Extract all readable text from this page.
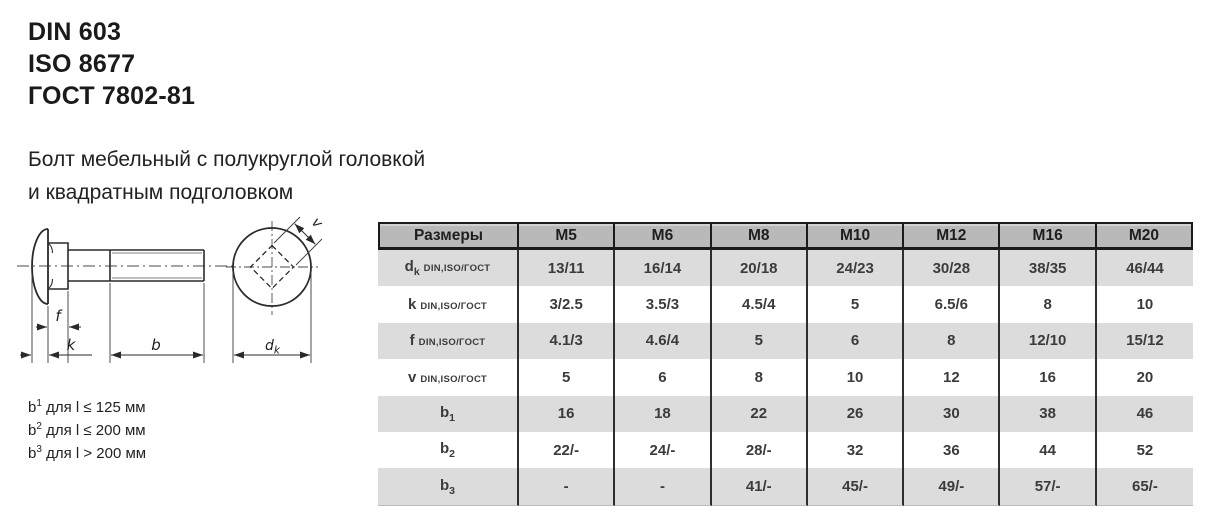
DIN 603
ISO 8677
ГОСТ 7802-81
Болт мебельный с полукруглой головкой
и квадратным подголовком
f
k	b
v
$d_k$
$b^1$ для l ≤ 125 мм
$b^2$ для l ≤ 200 мм
$b^3$ для l > 200 мм
Размеры	M5	M6	M8	M10	M12	M16	M20
$d_k$ DIN,ISO/ГОСТ	13/11	16/14	20/18	24/23	30/28	38/35	46/44
k DIN,ISO/ГОСТ	3/2.5	3.5/3	4.5/4	5	6.5/6	8	10
f DIN,ISO/ГОСТ	4.1/3	4.6/4	5	6	8	12/10	15/12
v DIN,ISO/ГОСТ	5	6	8	10	12	16	20
$b_1$	16	18	22	26	30	38	46
$b_2$	22/-	24/-	28/-	32	36	44	52
$b_3$	-	-	41/-	45/-	49/-	57/-	65/-
